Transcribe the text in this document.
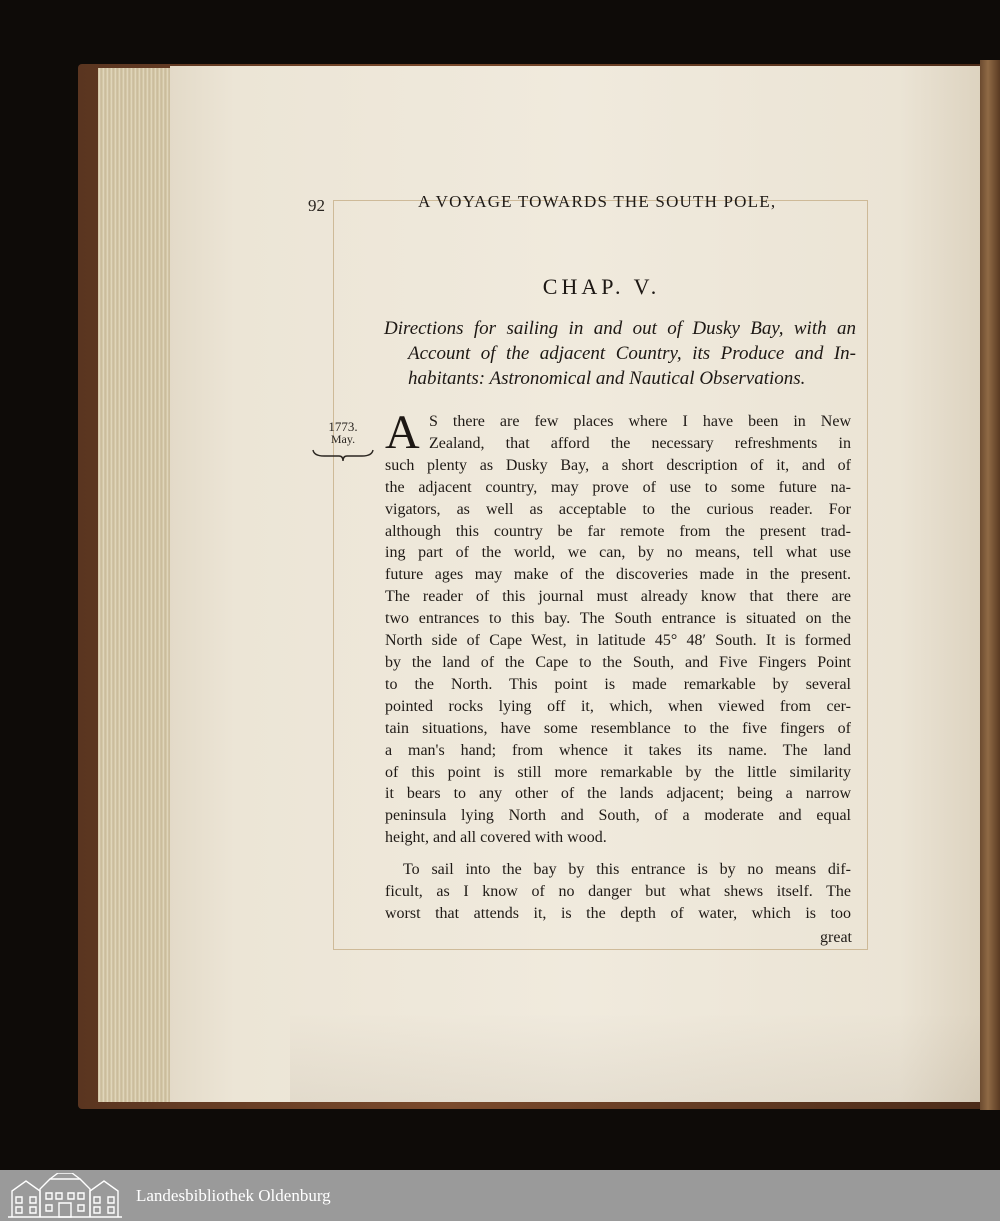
92	A VOYAGE TOWARDS THE SOUTH POLE,
CHAP. V.
Directions for sailing in and out of Dusky Bay, with an
Account of the adjacent Country, its Produce and In-
habitants: Astronomical and Nautical Observations.
1773.
May. A S there are few places where I have been in New
Zealand, that afford the necessary refreshments in
such plenty as Dusky Bay, a short description of it, and of
the adjacent country, may prove of use to some future na-
vigators, as well as acceptable to the curious reader. For
although this country be far remote from the present trad-
ing part of the world, we can, by no means, tell what use
future ages may make of the discoveries made in the present.
The reader of this journal must already know that there are
two entrances to this bay. The South entrance is situated on the
North side of Cape West, in latitude 45° 48′ South. It is formed
by the land of the Cape to the South, and Five Fingers Point
to the North. This point is made remarkable by several
pointed rocks lying off it, which, when viewed from cer-
tain situations, have some resemblance to the five fingers of
a man's hand; from whence it takes its name. The land
of this point is still more remarkable by the little similarity
it bears to any other of the lands adjacent; being a narrow
peninsula lying North and South, of a moderate and equal
height, and all covered with wood.
To sail into the bay by this entrance is by no means dif-
ficult, as I know of no danger but what shews itself. The
worst that attends it, is the depth of water, which is too
great
Landesbibliothek Oldenburg
